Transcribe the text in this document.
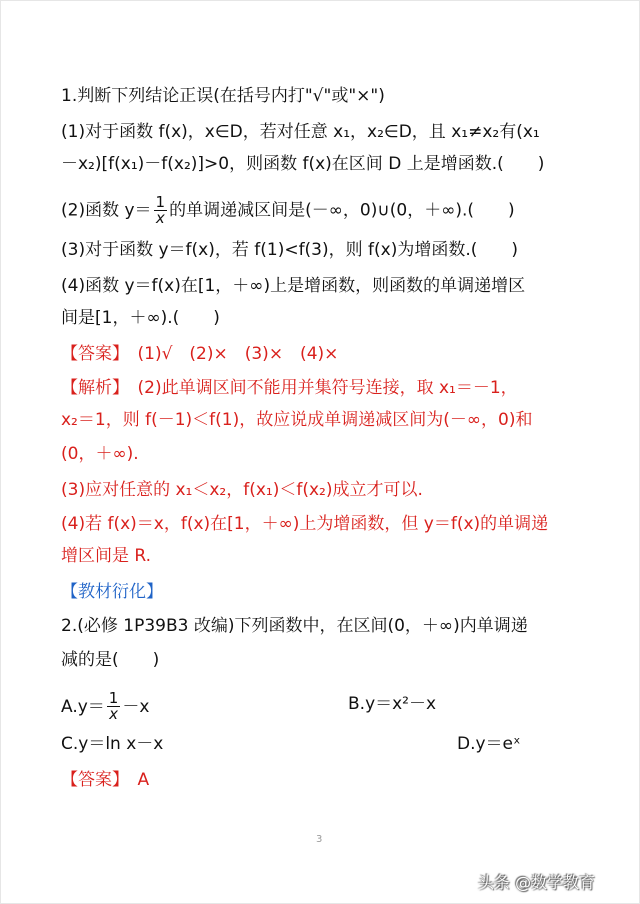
1.判断下列结论正误(在括号内打"√"或"×")
(1)对于函数 f(x)，x∈D，若对任意 x₁，x₂∈D，且 x₁≠x₂有(x₁
－x₂)[f(x₁)－f(x₂)]>0，则函数 f(x)在区间 D 上是增函数.(　　)
(2)函数 $y= \frac{1}{x}$ 的单调递减区间是(－∞，0)∪(0，＋∞).(　　)
(3)对于函数 y＝f(x)，若 f(1)<f(3)，则 f(x)为增函数.(　　)
(4)函数 y＝f(x)在[1，＋∞)上是增函数，则函数的单调递增区
间是[1，＋∞).(　　)
【答案】　(1)√　(2)×　(3)×　(4)×
【解析】　(2)此单调区间不能用并集符号连接，取 x₁＝－1，
x₂＝1，则 f(－1)＜f(1)，故应说成单调递减区间为(－∞，0)和
(0，＋∞).
(3)应对任意的 x₁＜x₂，f(x₁)＜f(x₂)成立才可以.
(4)若 f(x)＝x，f(x)在[1，＋∞)上为增函数，但 y＝f(x)的单调递
增区间是 R.
【教材衍化】
2.(必修 1P39B3 改编)下列函数中，在区间(0，＋∞)内单调递
减的是(　　)
$A.y= \frac{1}{x} -x$	B.y＝x²－x
C.y＝ln x－x	D.y＝eˣ
【答案】　A
3
头条 @数学教育
